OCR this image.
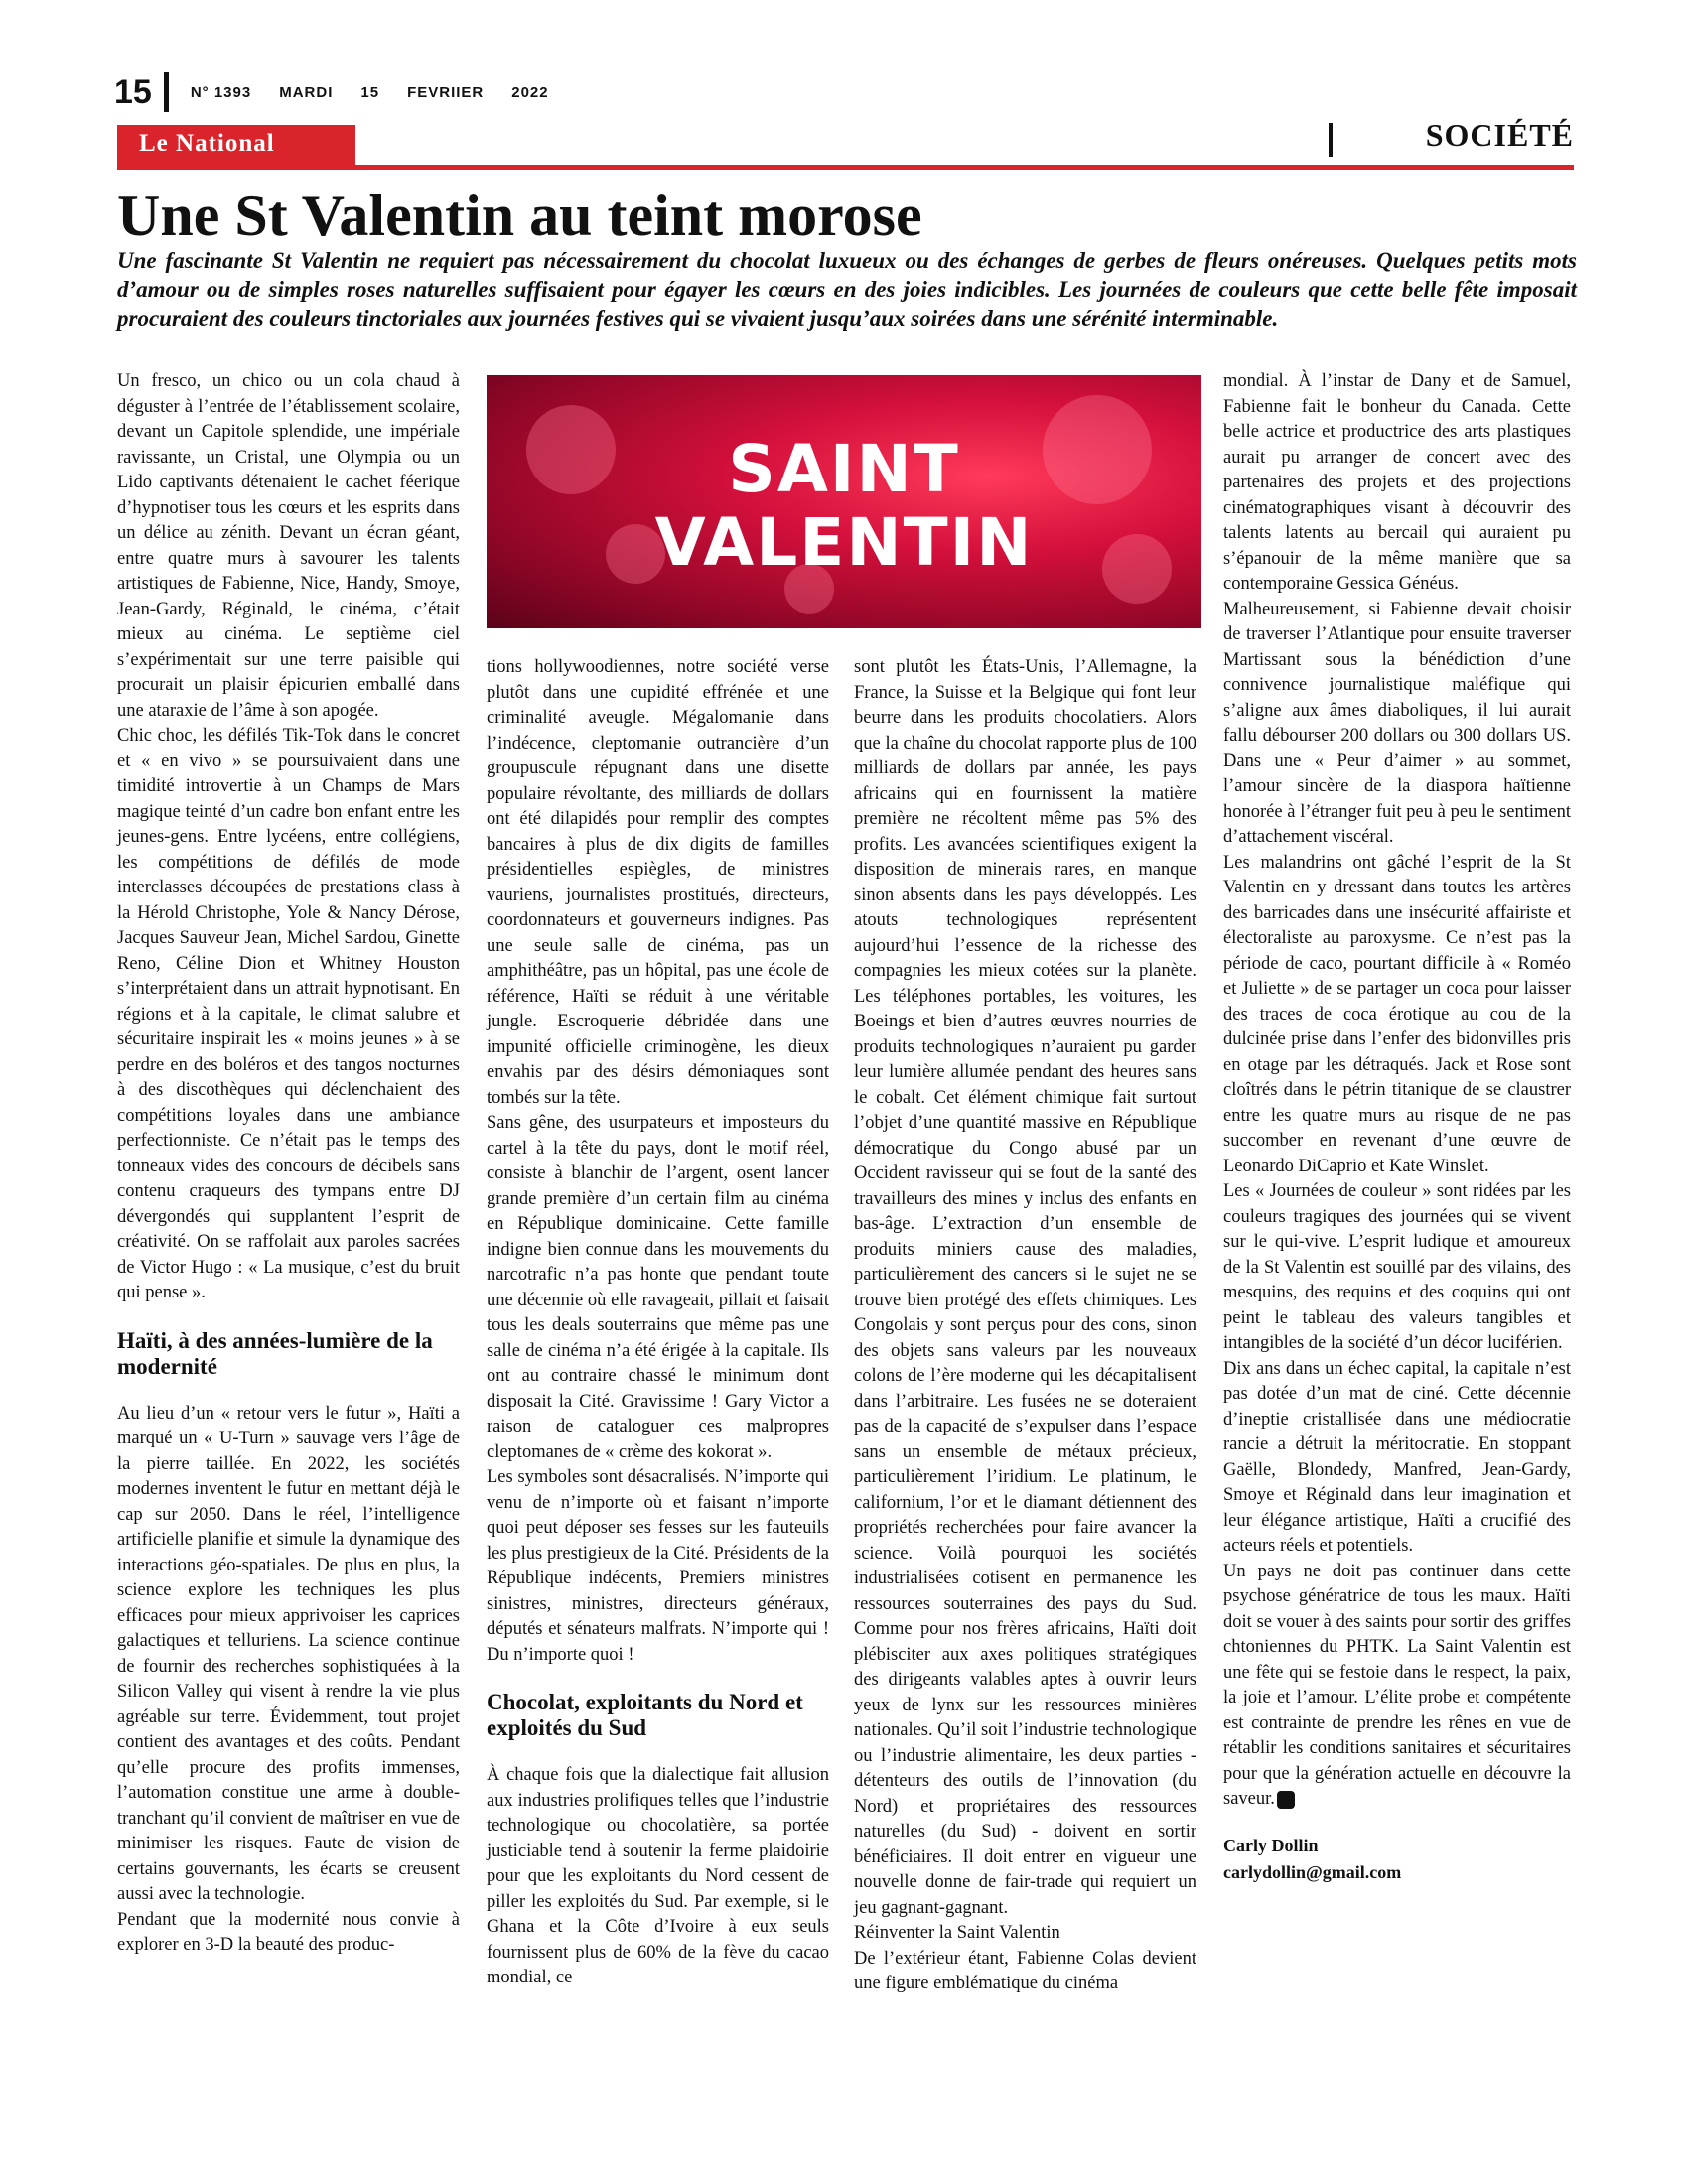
15	N° 1393 MARDI 15 FEVRIIER 2022
Le National	SOCIÉTÉ
Une St Valentin au teint morose
Une fascinante St Valentin ne requiert pas nécessairement du chocolat luxueux ou des échanges de gerbes de fleurs onéreuses. Quelques petits mots d’amour ou de simples roses naturelles suffisaient pour égayer les cœurs en des joies indicibles. Les journées de couleurs que cette belle fête imposait procuraient des couleurs tinctoriales aux journées festives qui se vivaient jusqu’aux soirées dans une sérénité interminable.

Un fresco, un chico ou un cola chaud à déguster à l’entrée de l’établissement scolaire, devant un Capitole splendide, une impériale ravissante, un Cristal, une Olympia ou un Lido captivants détenaient le cachet féerique d’hypnotiser tous les cœurs et les esprits dans un délice au zénith. Devant un écran géant, entre quatre murs à savourer les talents artistiques de Fabienne, Nice, Handy, Smoye, Jean-Gardy, Réginald, le cinéma, c’était mieux au cinéma. Le septième ciel s’expérimentait sur une terre paisible qui procurait un plaisir épicurien emballé dans une ataraxie de l’âme à son apogée.

Chic choc, les défilés Tik-Tok dans le concret et « en vivo » se poursuivaient dans une timidité introvertie à un Champs de Mars magique teinté d’un cadre bon enfant entre les jeunes-gens. Entre lycéens, entre collégiens, les compétitions de défilés de mode interclasses découpées de prestations class à la Hérold Christophe, Yole & Nancy Dérose, Jacques Sauveur Jean, Michel Sardou, Ginette Reno, Céline Dion et Whitney Houston s’interprétaient dans un attrait hypnotisant. En régions et à la capitale, le climat salubre et sécuritaire inspirait les « moins jeunes » à se perdre en des boléros et des tangos nocturnes à des discothèques qui déclenchaient des compétitions loyales dans une ambiance perfectionniste. Ce n’était pas le temps des tonneaux vides des concours de décibels sans contenu craqueurs des tympans entre DJ dévergondés qui supplantent l’esprit de créativité. On se raffolait aux paroles sacrées de Victor Hugo : « La musique, c’est du bruit qui pense ».

Haïti, à des années-lumière de la modernité

Au lieu d’un « retour vers le futur », Haïti a marqué un « U-Turn » sauvage vers l’âge de la pierre taillée. En 2022, les sociétés modernes inventent le futur en mettant déjà le cap sur 2050. Dans le réel, l’intelligence artificielle planifie et simule la dynamique des interactions géo-spatiales. De plus en plus, la science explore les techniques les plus efficaces pour mieux apprivoiser les caprices galactiques et telluriens. La science continue de fournir des recherches sophistiquées à la Silicon Valley qui visent à rendre la vie plus agréable sur terre. Évidemment, tout projet contient des avantages et des coûts. Pendant qu’elle procure des profits immenses, l’automation constitue une arme à double-tranchant qu’il convient de maîtriser en vue de minimiser les risques. Faute de vision de certains gouvernants, les écarts se creusent aussi avec la technologie.

Pendant que la modernité nous convie à explorer en 3-D la beauté des produc-

SAINT
VALENTIN

tions hollywoodiennes, notre société verse plutôt dans une cupidité effrénée et une criminalité aveugle. Mégalomanie dans l’indécence, cleptomanie outrancière d’un groupuscule répugnant dans une disette populaire révoltante, des milliards de dollars ont été dilapidés pour remplir des comptes bancaires à plus de dix digits de familles présidentielles espiègles, de ministres vauriens, journalistes prostitués, directeurs, coordonnateurs et gouverneurs indignes. Pas une seule salle de cinéma, pas un amphithéâtre, pas un hôpital, pas une école de référence, Haïti se réduit à une véritable jungle. Escroquerie débridée dans une impunité officielle criminogène, les dieux envahis par des désirs démoniaques sont tombés sur la tête.

Sans gêne, des usurpateurs et imposteurs du cartel à la tête du pays, dont le motif réel, consiste à blanchir de l’argent, osent lancer grande première d’un certain film au cinéma en République dominicaine. Cette famille indigne bien connue dans les mouvements du narcotrafic n’a pas honte que pendant toute une décennie où elle ravageait, pillait et faisait tous les deals souterrains que même pas une salle de cinéma n’a été érigée à la capitale. Ils ont au contraire chassé le minimum dont disposait la Cité. Gravissime ! Gary Victor a raison de cataloguer ces malpropres cleptomanes de « crème des kokorat ».

Les symboles sont désacralisés. N’importe qui venu de n’importe où et faisant n’importe quoi peut déposer ses fesses sur les fauteuils les plus prestigieux de la Cité. Présidents de la République indécents, Premiers ministres sinistres, ministres, directeurs généraux, députés et sénateurs malfrats. N’importe qui ! Du n’importe quoi !

Chocolat, exploitants du Nord et exploités du Sud

À chaque fois que la dialectique fait allusion aux industries prolifiques telles que l’industrie technologique ou chocolatière, sa portée justiciable tend à soutenir la ferme plaidoirie pour que les exploitants du Nord cessent de piller les exploités du Sud. Par exemple, si le Ghana et la Côte d’Ivoire à eux seuls fournissent plus de 60% de la fève du cacao mondial, ce

sont plutôt les États-Unis, l’Allemagne, la France, la Suisse et la Belgique qui font leur beurre dans les produits chocolatiers. Alors que la chaîne du chocolat rapporte plus de 100 milliards de dollars par année, les pays africains qui en fournissent la matière première ne récoltent même pas 5% des profits. Les avancées scientifiques exigent la disposition de minerais rares, en manque sinon absents dans les pays développés. Les atouts technologiques représentent aujourd’hui l’essence de la richesse des compagnies les mieux cotées sur la planète. Les téléphones portables, les voitures, les Boeings et bien d’autres œuvres nourries de produits technologiques n’auraient pu garder leur lumière allumée pendant des heures sans le cobalt. Cet élément chimique fait surtout l’objet d’une quantité massive en République démocratique du Congo abusé par un Occident ravisseur qui se fout de la santé des travailleurs des mines y inclus des enfants en bas-âge. L’extraction d’un ensemble de produits miniers cause des maladies, particulièrement des cancers si le sujet ne se trouve bien protégé des effets chimiques. Les Congolais y sont perçus pour des cons, sinon des objets sans valeurs par les nouveaux colons de l’ère moderne qui les décapitalisent dans l’arbitraire. Les fusées ne se doteraient pas de la capacité de s’expulser dans l’espace sans un ensemble de métaux précieux, particulièrement l’iridium. Le platinum, le californium, l’or et le diamant détiennent des propriétés recherchées pour faire avancer la science. Voilà pourquoi les sociétés industrialisées cotisent en permanence les ressources souterraines des pays du Sud. Comme pour nos frères africains, Haïti doit plébisciter aux axes politiques stratégiques des dirigeants valables aptes à ouvrir leurs yeux de lynx sur les ressources minières nationales. Qu’il soit l’industrie technologique ou l’industrie alimentaire, les deux parties - détenteurs des outils de l’innovation (du Nord) et propriétaires des ressources naturelles (du Sud) - doivent en sortir bénéficiaires. Il doit entrer en vigueur une nouvelle donne de fair-trade qui requiert un jeu gagnant-gagnant.

Réinventer la Saint Valentin

De l’extérieur étant, Fabienne Colas devient une figure emblématique du cinéma

mondial. À l’instar de Dany et de Samuel, Fabienne fait le bonheur du Canada. Cette belle actrice et productrice des arts plastiques aurait pu arranger de concert avec des partenaires des projets et des projections cinématographiques visant à découvrir des talents latents au bercail qui auraient pu s’épanouir de la même manière que sa contemporaine Gessica Généus.

Malheureusement, si Fabienne devait choisir de traverser l’Atlantique pour ensuite traverser Martissant sous la bénédiction d’une connivence journalistique maléfique qui s’aligne aux âmes diaboliques, il lui aurait fallu débourser 200 dollars ou 300 dollars US. Dans une « Peur d’aimer » au sommet, l’amour sincère de la diaspora haïtienne honorée à l’étranger fuit peu à peu le sentiment d’attachement viscéral.

Les malandrins ont gâché l’esprit de la St Valentin en y dressant dans toutes les artères des barricades dans une insécurité affairiste et électoraliste au paroxysme. Ce n’est pas la période de caco, pourtant difficile à « Roméo et Juliette » de se partager un coca pour laisser des traces de coca érotique au cou de la dulcinée prise dans l’enfer des bidonvilles pris en otage par les détraqués. Jack et Rose sont cloîtrés dans le pétrin titanique de se claustrer entre les quatre murs au risque de ne pas succomber en revenant d’une œuvre de Leonardo DiCaprio et Kate Winslet.

Les « Journées de couleur » sont ridées par les couleurs tragiques des journées qui se vivent sur le qui-vive. L’esprit ludique et amoureux de la St Valentin est souillé par des vilains, des mesquins, des requins et des coquins qui ont peint le tableau des valeurs tangibles et intangibles de la société d’un décor luciférien.

Dix ans dans un échec capital, la capitale n’est pas dotée d’un mat de ciné. Cette décennie d’ineptie cristallisée dans une médiocratie rancie a détruit la méritocratie. En stoppant Gaëlle, Blondedy, Manfred, Jean-Gardy, Smoye et Réginald dans leur imagination et leur élégance artistique, Haïti a crucifié des acteurs réels et potentiels.

Un pays ne doit pas continuer dans cette psychose génératrice de tous les maux. Haïti doit se vouer à des saints pour sortir des griffes chtoniennes du PHTK. La Saint Valentin est une fête qui se festoie dans le respect, la paix, la joie et l’amour. L’élite probe et compétente est contrainte de prendre les rênes en vue de rétablir les conditions sanitaires et sécuritaires pour que la génération actuelle en découvre la saveur.

Carly Dollin
carlydollin@gmail.com
